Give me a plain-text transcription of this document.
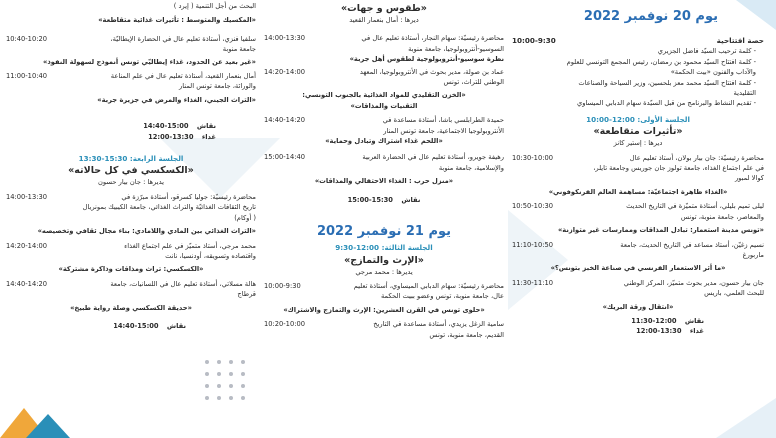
يوم 20 نوفمبر 2022
حصة افتتاحية
10:00-9:30
- كلمة ترحيب السيّد فاضل الجزيري
- كلمة افتتاح السيّد محمود بن رمضان، رئيس المجمع التونسي للعلوم
والآداب والفنون «بيت الحكمة»
- كلمة افتتاح السيّد محمد معز بلحسين، وزير السياحة والصناعات
التقليدية
- تقديم النشاط والبرنامج من قبل السيّدة سهام الدبابي الميساوي
الجلسة الأولى: 12:00-10:00
«تأثيرات متقاطعة»
ديرها : إستير كانز
10:30-10:00	محاضرة رئيسيّة: جان بيار بولان، أستاذ تعليم عال
في علم اجتماع الغذاء، جامعة تولوز جان جوريس وجامعة تايلر،
كوالا لمبور
«الغذاء ظاهرة اجتماعيّة: مساهمة العالم الفرنكوفوني»
10:50-10:30	ليلى تميم بليلي، أستاذة متميّزة في التاريخ الحديث
والمعاصر، جامعة منوبة، تونس
«تونس مدينة استعمار: تبادل المذاقات وممارسات غير متوازنة»
11:10-10:50	نسيم زغيّن، أستاذ مساعد في التاريخ الحديث، جامعة
ماربورغ
«ما أثر الاستعمار الفرنسي في صناعة الخبز بتونس؟»
11:30-11:10	جان بيار حسون، مدير بحوث متميّز، المركز الوطني
للبحث العلمي، باريس
«انتقال ورقة البريك»
نقاش 12:00-11:30
غداء 13:30-12:00
«طقوس و جهات»
ديرها : أمال بنعمار القعيد
14:00-13:30	محاضرة رئيسيّة: سهام النجار، أستاذة تعليم عال في
السوسيو-أنتروبولوجيا، جامعة منوبة
نظرة سوسيو-أنتروبولوجية لطقوس أهل جربة»
14:20-14:00	عماد بن صولة، مدير بحوث في الأنتروبولوجيا، المعهد
الوطني للتراث، تونس
«الخزن التقليدي للمواد الغذائية بالجنوب التونسي:
التقنيات والمذاقات»
14:40-14:20	حميدة الطرابلسي باشا، أستاذة مساعدة في
الأنتروبولوجيا الاجتماعية، جامعة تونس المنار
«اللحم غذاء اشتراك وتبادل وحماية»
15:00-14:40	رهيفة جويرو، أستاذة تعليم عال في الحضارة العربية
والإسلامية، جامعة منوبة
«منزل حرب : الغذاء الاحتفالي والمذاقات»
نقاش 15:30-15:00
يوم 21 نوفمبر 2022
الجلسة الثالثة: 12:00-9:30
«الإرث والتمازج»
يديرها : محمد مرجي
10:00-9:30	محاضرة رئيسيّة: سهام الدبابي الميساوي، أستاذة تعليم
عال، جامعة منوبة، تونس وعضو ببيت الحكمة
«حلوى تونس في القرن العشرين: الإرث والتمازج والاشتراك»
10:20-10:00	سامية الزغل يزيدي، أستاذة مساعدة في التاريخ
القديم، جامعة منوبة، تونس
البحث من أجل التنمية ( إيرد )
«المكسيك والمتوسط : تأثيرات غذائية متقاطعة»
10:40-10:20	سلفيا فنزي، أستاذة تعليم عال في الحضارة الإيطاليّة،
جامعة منوبة
«غير بعيد عن الحدود، غذاء إيطاليّي تونس أنموذج لسهولة النفوذ»
11:00-10:40	أمال بنعمار القعيد، أستاذة تعليم عال في علم المناعة
والوراثة، جامعة تونس المنار
«التراث الجيني، الغذاء والمرض في جزيرة جربة»
نقاش 15:00-14:40
غداء 13:30-12:00
الجلسة الرابعة: 15:30-13:30
«الكسكسي في كل حالاته»
يديرها : جان بيار حسون
14:00-13:30	محاضرة رئيسيّة: جوليا كسرقو، أستاذة مبرّزة في
تاريخ الثقافات الغذائيّة والتراث الغذائي، جامعة الكيبيك بمونريال
( أوكام)
«التراث الغذائي بين المادي واللامادي: بناء مجال ثقافي وتخصيصه»
14:20-14:00	محمد مرجي، أستاذ متميّز في علم اجتماع الغذاء
واقتصاده وتسويقه، أودنسيا، نانت
«الكسكسي: تراث ومذاقات وذاكرة مشتركة»
14:40-14:20	هالة مسلاتي، أستاذة تعليم عال في اللسانيات، جامعة
قرطاج
«حديقة الكسكسي وصلة رواية طبيخ»
نقاش 15:00-14:40
